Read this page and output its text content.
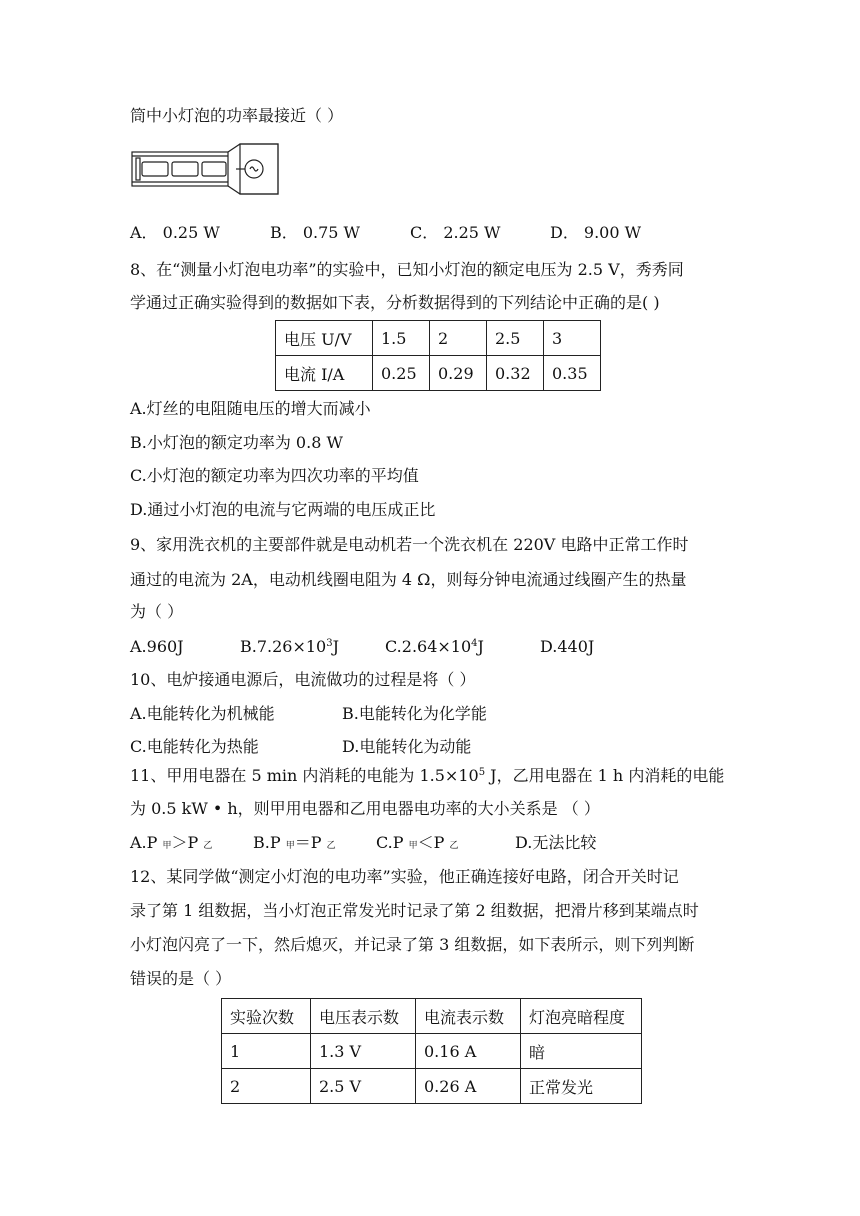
筒中小灯泡的功率最接近（ ）
A． 0.25 W	B． 0.75 W	C． 2.25 W	D． 9.00 W
8、在“测量小灯泡电功率”的实验中，已知小灯泡的额定电压为 2.5 V，秀秀同
学通过正确实验得到的数据如下表，分析数据得到的下列结论中正确的是( )
电压 U/V	1.5	2	2.5	3
电流 I/A	0.25	0.29	0.32	0.35
A.灯丝的电阻随电压的增大而减小
B.小灯泡的额定功率为 0.8 W
C.小灯泡的额定功率为四次功率的平均值
D.通过小灯泡的电流与它两端的电压成正比
9、家用洗衣机的主要部件就是电动机若一个洗衣机在 220V 电路中正常工作时
通过的电流为 2A，电动机线圈电阻为 4 Ω，则每分钟电流通过线圈产生的热量
为（ ）
A.960J	$B.7.26\times 10^3J$	$C.2.64\times 10^4J$	D.440J
10、电炉接通电源后，电流做功的过程是将（ ）
A.电能转化为机械能	B.电能转化为化学能
C.电能转化为热能	D.电能转化为动能
11、甲用电器在 5 min 内消耗的电能为 $1.5\times 10^5$ J，乙用电器在 1 h 内消耗的电能
为 0.5 kW • h，则甲用电器和乙用电器电功率的大小关系是 （ ）
A.P 甲＞P 乙	B.P 甲＝P 乙	C.P 甲＜P 乙	D.无法比较
12、某同学做“测定小灯泡的电功率”实验，他正确连接好电路，闭合开关时记
录了第 1 组数据，当小灯泡正常发光时记录了第 2 组数据，把滑片移到某端点时
小灯泡闪亮了一下，然后熄灭，并记录了第 3 组数据，如下表所示，则下列判断
错误的是（ ）
实验次数	电压表示数	电流表示数	灯泡亮暗程度
1	1.3 V	0.16 A	暗
2	2.5 V	0.26 A	正常发光
